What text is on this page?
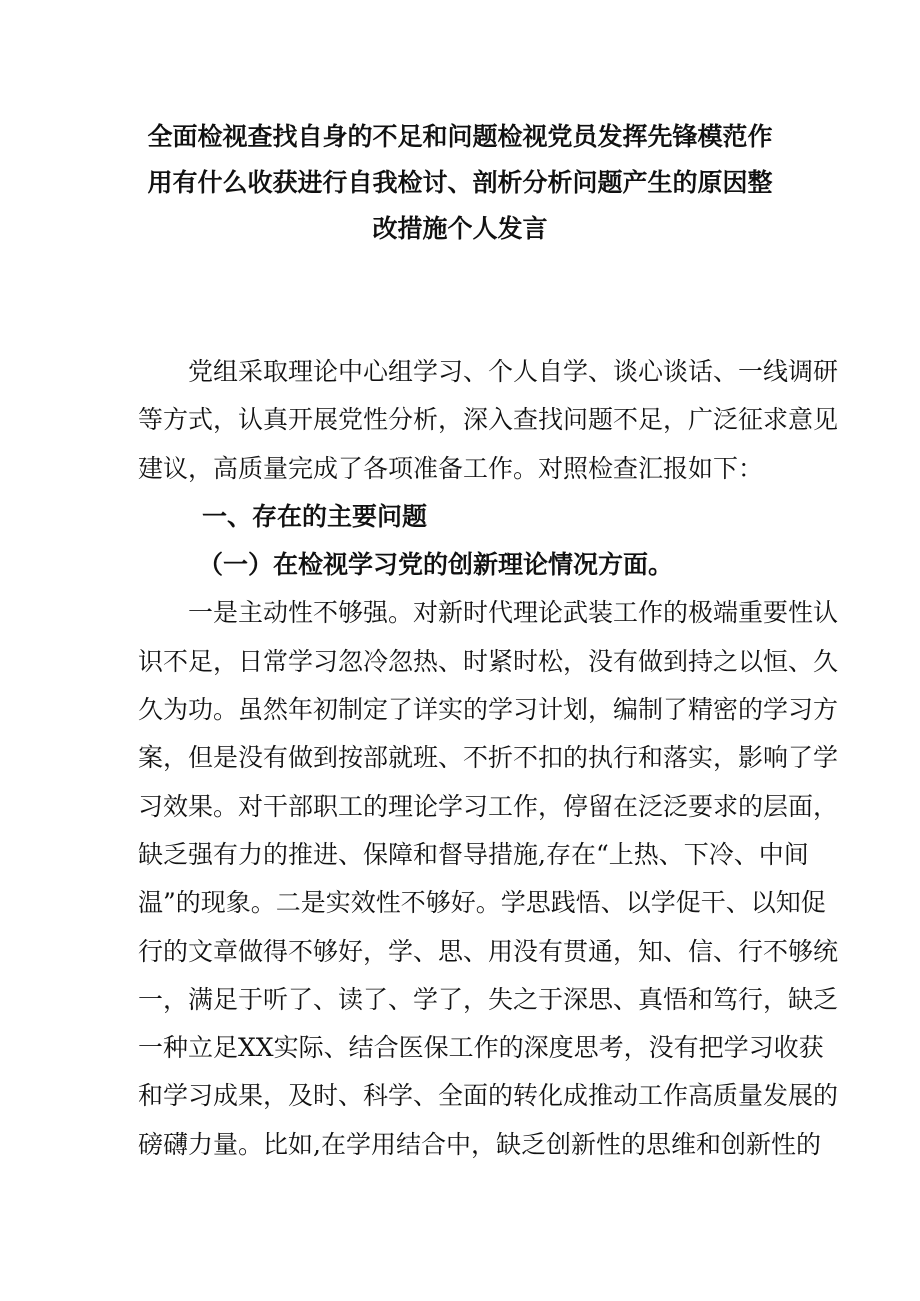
全面检视查找自身的不足和问题检视党员发挥先锋模范作
用有什么收获进行自我检讨、剖析分析问题产生的原因整
改措施个人发言
党组采取理论中心组学习、个人自学、谈心谈话、一线调研
等方式，认真开展党性分析，深入查找问题不足，广泛征求意见
建议，高质量完成了各项准备工作。对照检查汇报如下：

一、存在的主要问题

（一）在检视学习党的创新理论情况方面。

一是主动性不够强。对新时代理论武装工作的极端重要性认
识不足，日常学习忽冷忽热、时紧时松，没有做到持之以恒、久
久为功。虽然年初制定了详实的学习计划，编制了精密的学习方
案，但是没有做到按部就班、不折不扣的执行和落实，影响了学
习效果。对干部职工的理论学习工作，停留在泛泛要求的层面，
缺乏强有力的推进、保障和督导措施,存在“上热、下冷、中间
温”的现象。二是实效性不够好。学思践悟、以学促干、以知促
行的文章做得不够好，学、思、用没有贯通，知、信、行不够统
一，满足于听了、读了、学了，失之于深思、真悟和笃行，缺乏
一种立足XX实际、结合医保工作的深度思考，没有把学习收获
和学习成果，及时、科学、全面的转化成推动工作高质量发展的
磅礴力量。比如,在学用结合中，缺乏创新性的思维和创新性的
